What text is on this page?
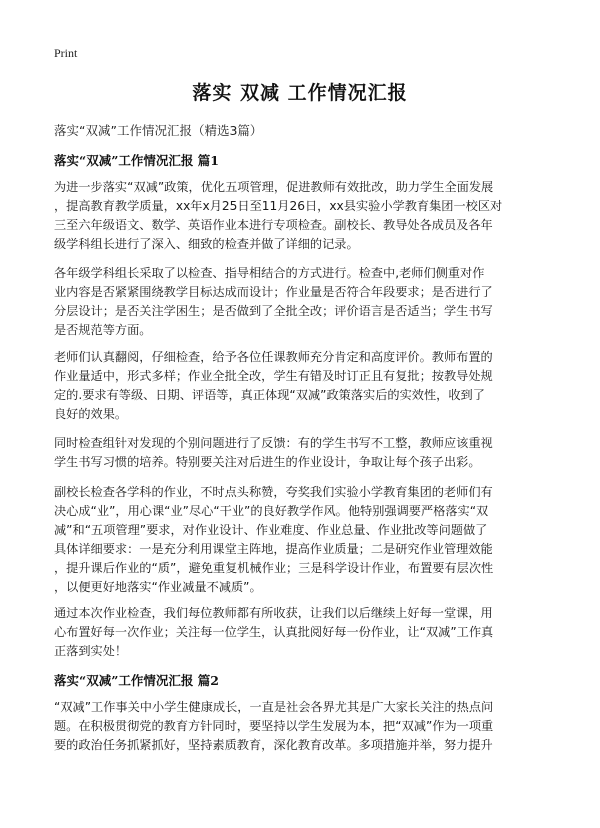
Print
落实 双减 工作情况汇报

落实“双减”工作情况汇报（精选3篇）

落实“双减”工作情况汇报 篇1

为进一步落实“双减”政策，优化五项管理，促进教师有效批改，助力学生全面发展
，提高教育教学质量，xx年x月25日至11月26日，xx县实验小学教育集团一校区对
三至六年级语文、数学、英语作业本进行专项检查。副校长、教导处各成员及各年
级学科组长进行了深入、细致的检查并做了详细的记录。

各年级学科组长采取了以检查、指导相结合的方式进行。检查中,老师们侧重对作
业内容是否紧紧围绕教学目标达成而设计；作业量是否符合年段要求；是否进行了
分层设计；是否关注学困生；是否做到了全批全改；评价语言是否适当；学生书写
是否规范等方面。

老师们认真翻阅，仔细检查，给予各位任课教师充分肯定和高度评价。教师布置的
作业量适中，形式多样；作业全批全改，学生有错及时订正且有复批；按教导处规
定的.要求有等级、日期、评语等，真正体现“双减”政策落实后的实效性，收到了
良好的效果。

同时检查组针对发现的个别问题进行了反馈：有的学生书写不工整，教师应该重视
学生书写习惯的培养。特别要关注对后进生的作业设计，争取让每个孩子出彩。

副校长检查各学科的作业，不时点头称赞，夸奖我们实验小学教育集团的老师们有
决心成“业”，用心课“业”尽心“干业”的良好教学作风。他特别强调要严格落实“双
减”和“五项管理”要求，对作业设计、作业难度、作业总量、作业批改等问题做了
具体详细要求：一是充分利用课堂主阵地，提高作业质量；二是研究作业管理效能
，提升课后作业的“质”，避免重复机械作业；三是科学设计作业，布置要有层次性
，以便更好地落实“作业减量不减质”。

通过本次作业检查，我们每位教师都有所收获，让我们以后继续上好每一堂课，用
心布置好每一次作业；关注每一位学生，认真批阅好每一份作业，让“双减”工作真
正落到实处！

落实“双减”工作情况汇报 篇2

“双减”工作事关中小学生健康成长，一直是社会各界尤其是广大家长关注的热点问
题。在积极贯彻党的教育方针同时，要坚持以学生发展为本，把“双减”作为一项重
要的政治任务抓紧抓好，坚持素质教育，深化教育改革。多项措施并举，努力提升
